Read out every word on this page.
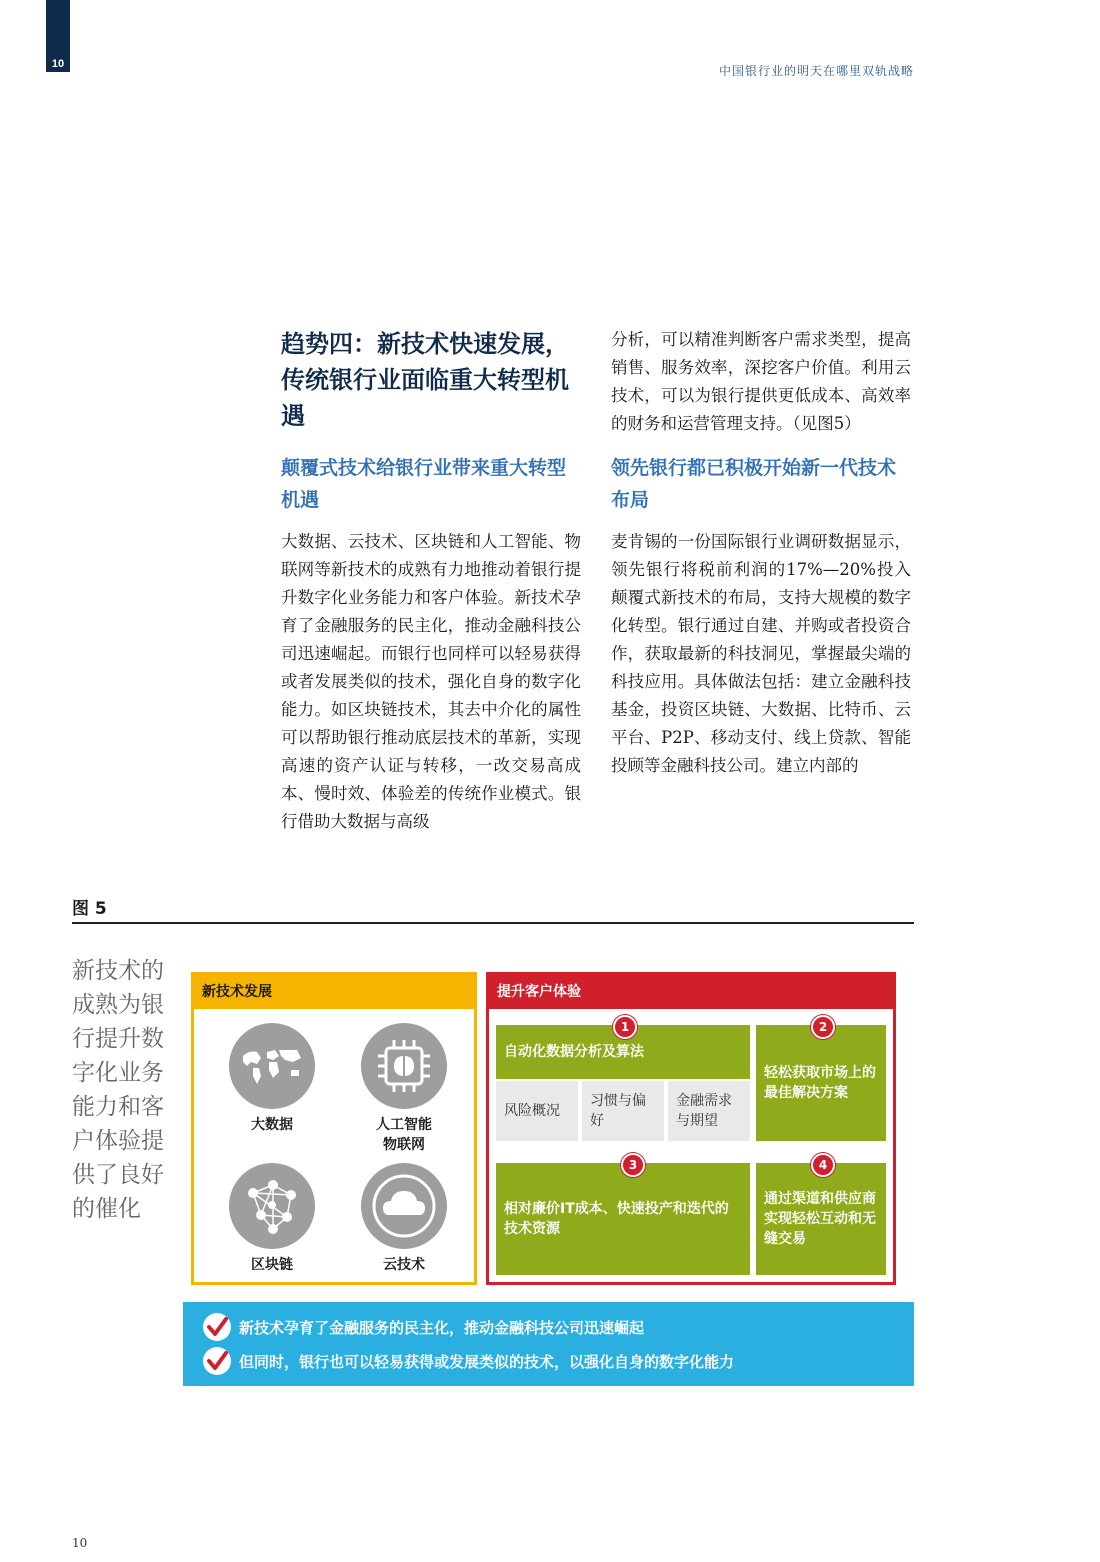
10	中国银行业的明天在哪里双轨战略
趋势四：新技术快速发展，传统银行业面临重大转型机遇
颠覆式技术给银行业带来重大转型机遇

大数据、云技术、区块链和人工智能、物联网等新技术的成熟有力地推动着银行提升数字化业务能力和客户体验。新技术孕育了金融服务的民主化，推动金融科技公司迅速崛起。而银行也同样可以轻易获得或者发展类似的技术，强化自身的数字化能力。如区块链技术，其去中介化的属性可以帮助银行推动底层技术的革新，实现高速的资产认证与转移，一改交易高成本、慢时效、体验差的传统作业模式。银行借助大数据与高级

分析，可以精准判断客户需求类型，提高销售、服务效率，深挖客户价值。利用云技术，可以为银行提供更低成本、高效率的财务和运营管理支持。（见图5）

领先银行都已积极开始新一代技术布局

麦肯锡的一份国际银行业调研数据显示，领先银行将税前利润的17%—20%投入颠覆式新技术的布局，支持大规模的数字化转型。银行通过自建、并购或者投资合作，获取最新的科技洞见，掌握最尖端的科技应用。具体做法包括：建立金融科技基金，投资区块链、大数据、比特币、云平台、P2P、移动支付、线上贷款、智能投顾等金融科技公司。建立内部的

图 5
新技术的成熟为银行提升数字化业务能力和客户体验提供了良好的催化
新技术发展
大数据	人工智能 物联网
区块链	云技术
提升客户体验
自动化数据分析及算法
1
风险概况
习惯与偏好
金融需求与期望
轻松获取市场上的最佳解决方案
2
相对廉价IT成本、快速投产和迭代的技术资源
3
通过渠道和供应商实现轻松互动和无缝交易
4
新技术孕育了金融服务的民主化，推动金融科技公司迅速崛起
但同时，银行也可以轻易获得或发展类似的技术，以强化自身的数字化能力
10
